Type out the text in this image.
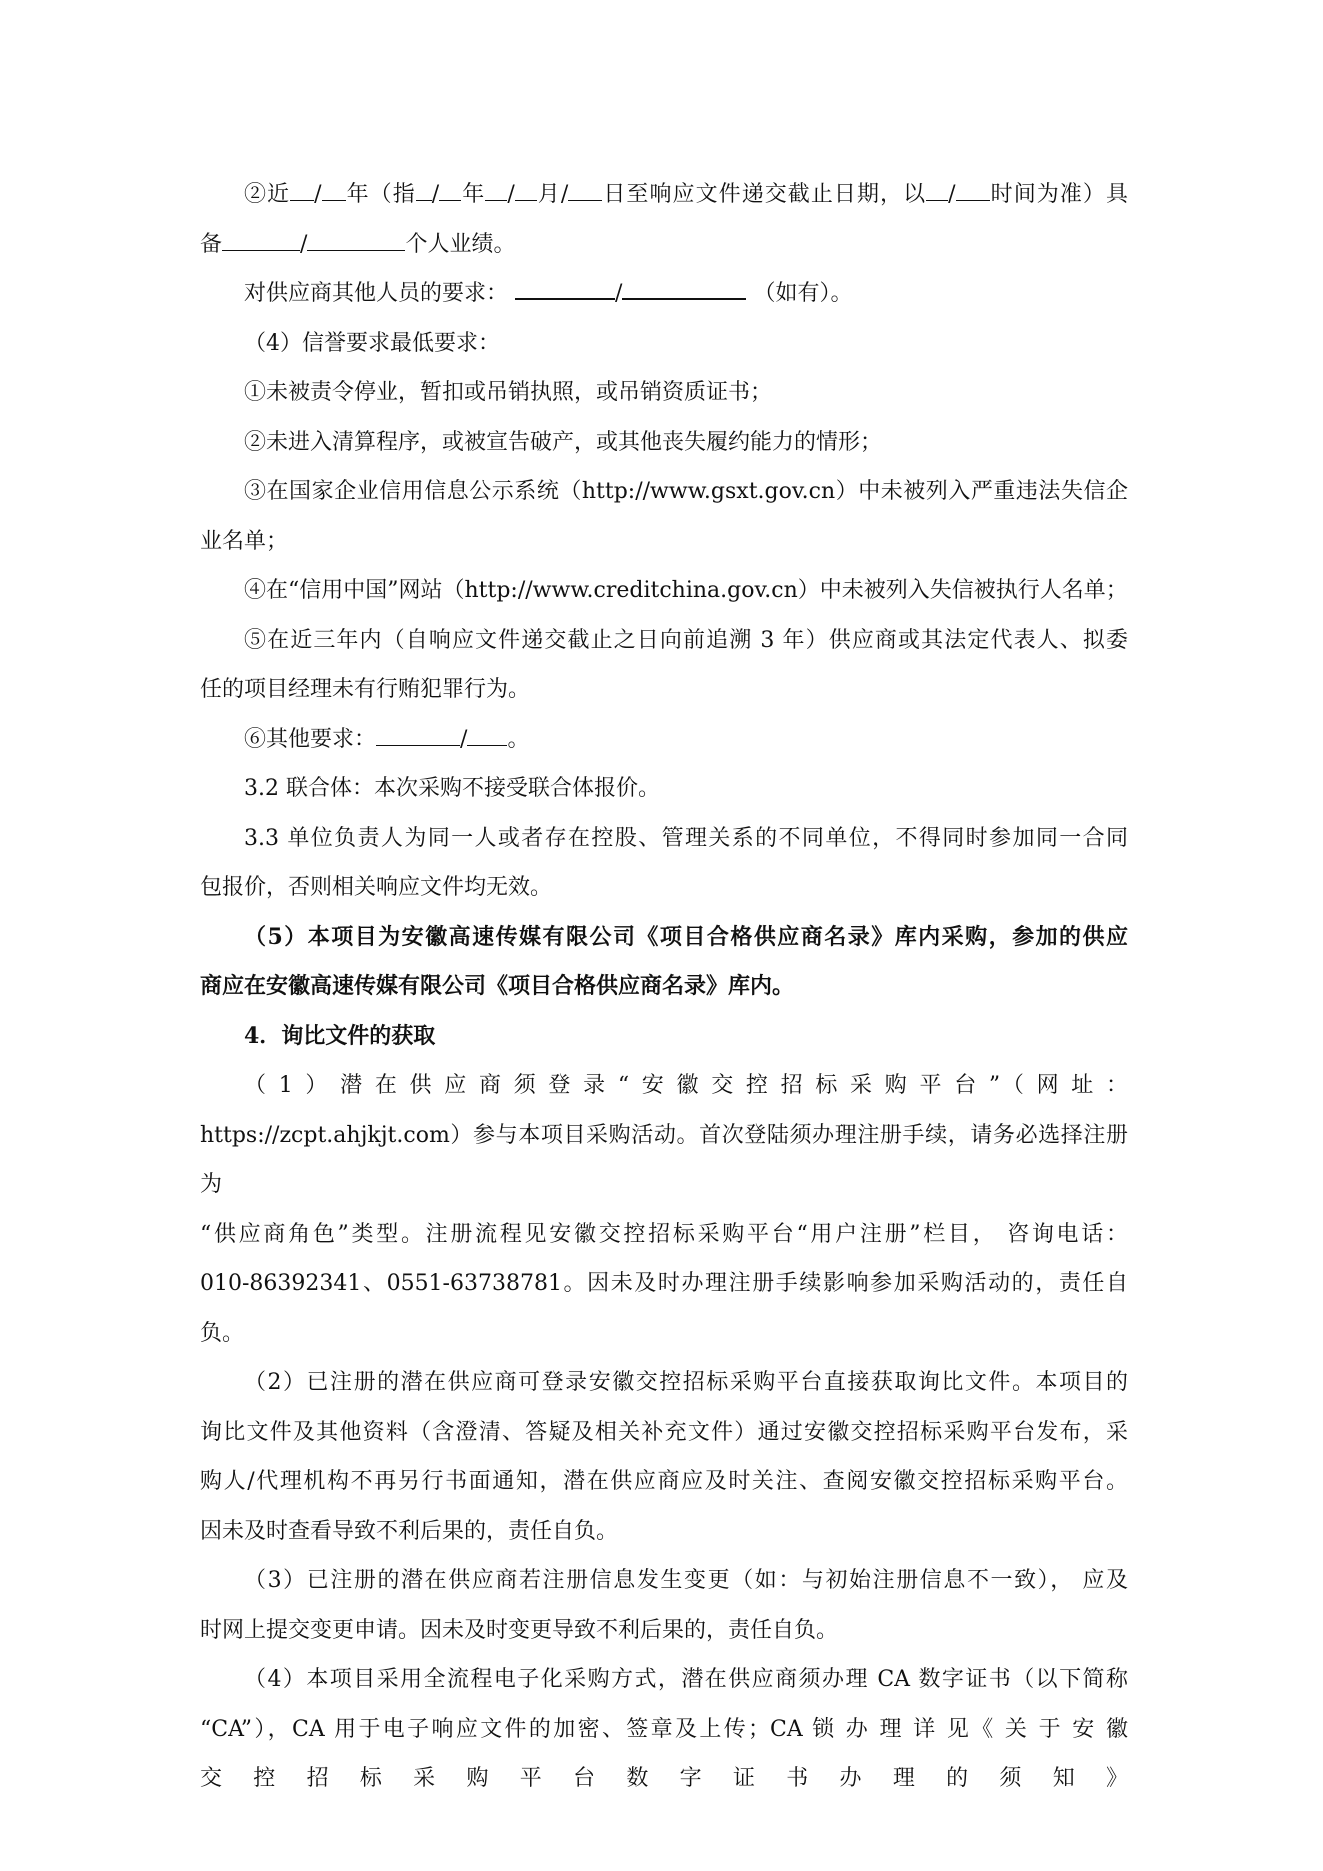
②近 / 年（指 / 年 / 月/ 日至响应文件递交截止日期，以 / 时间为准）具

备	/	个人业绩。

对供应商其他人员的要求：	/	（如有）。

（4）信誉要求最低要求：

①未被责令停业，暂扣或吊销执照，或吊销资质证书；

②未进入清算程序，或被宣告破产，或其他丧失履约能力的情形；

③在国家企业信用信息公示系统（http://www.gsxt.gov.cn）中未被列入严重违法失信企

业名单；

④在“信用中国”网站（http://www.creditchina.gov.cn）中未被列入失信被执行人名单；

⑤在近三年内（自响应文件递交截止之日向前追溯 3 年）供应商或其法定代表人、拟委

任的项目经理未有行贿犯罪行为。

⑥其他要求：	/ 。

3.2 联合体：本次采购不接受联合体报价。

3.3 单位负责人为同一人或者存在控股、管理关系的不同单位，不得同时参加同一合同

包报价，否则相关响应文件均无效。

（5）本项目为安徽高速传媒有限公司《项目合格供应商名录》库内采购，参加的供应

商应在安徽高速传媒有限公司《项目合格供应商名录》库内。

4．询比文件的获取

（1）潜在供应商须登录“安徽交控招标采购平台”（网址：

https://zcpt.ahjkjt.com）参与本项目采购活动。首次登陆须办理注册手续，请务必选择注册为

“供应商角色”类型。注册流程见安徽交控招标采购平台“用户注册”栏目， 咨询电话：

010-86392341、0551-63738781。因未及时办理注册手续影响参加采购活动的，责任自负。

（2）已注册的潜在供应商可登录安徽交控招标采购平台直接获取询比文件。本项目的

询比文件及其他资料（含澄清、答疑及相关补充文件）通过安徽交控招标采购平台发布，采

购人/代理机构不再另行书面通知，潜在供应商应及时关注、查阅安徽交控招标采购平台。

因未及时查看导致不利后果的，责任自负。

（3）已注册的潜在供应商若注册信息发生变更（如：与初始注册信息不一致）， 应及

时网上提交变更申请。因未及时变更导致不利后果的，责任自负。

（4）本项目采用全流程电子化采购方式，潜在供应商须办理 CA 数字证书（以下简称

“CA”），CA 用于电子响应文件的加密、签章及上传；CA 锁 办 理 详 见《 关 于 安 徽

交 控 招 标 采 购 平 台 数 字 证 书 办 理 的 须 知 》
